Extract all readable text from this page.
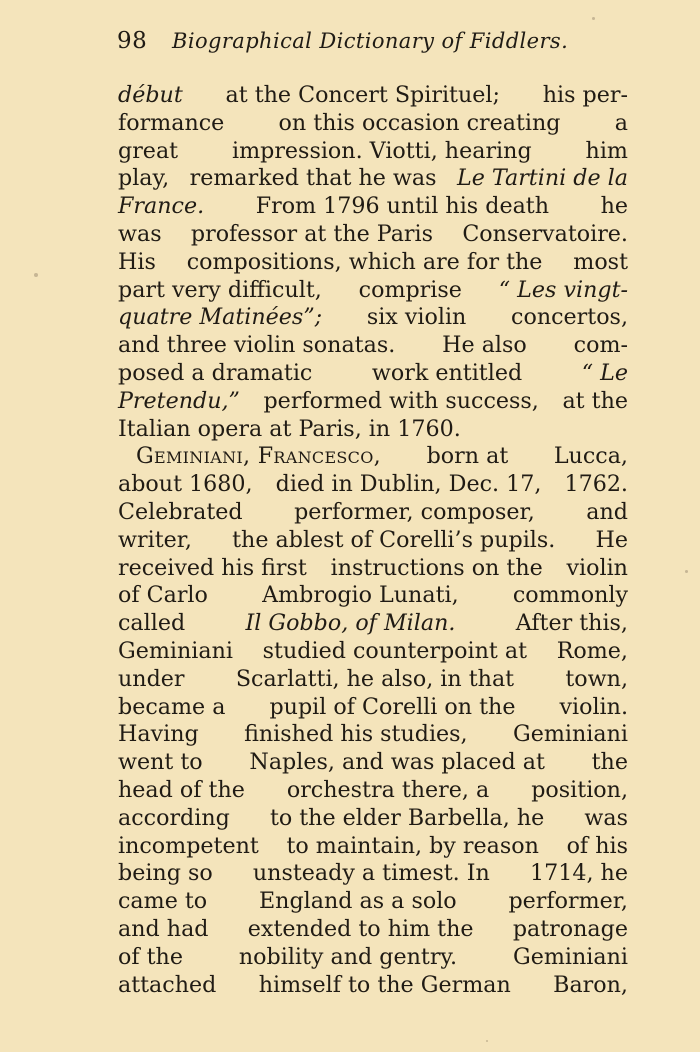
98 Biographical Dictionary of Fiddlers.
début at the Concert Spirituel; his per-
formance on this occasion creating a
great impression. Viotti, hearing him
play, remarked that he was Le Tartini de la
France. From 1796 until his death he
was professor at the Paris Conservatoire.
His compositions, which are for the most
part very difficult, comprise “ Les vingt-
quatre Matinées”; six violin concertos,
and three violin sonatas. He also com-
posed a dramatic	work entitled	“ Le
Pretendu,” performed with success, at the
Italian opera at Paris, in 1760.
Geminiani, Francesco, born at Lucca,
about 1680, died in Dublin, Dec. 17, 1762.
Celebrated performer, composer, and
writer, the ablest of Corelli’s pupils. He
received his first instructions on the violin
of Carlo Ambrogio Lunati, commonly
called	Il Gobbo, of Milan.	After this,
Geminiani studied counterpoint at Rome,
under Scarlatti, he also, in that town,
became a pupil of Corelli on the violin.
Having finished his studies, Geminiani
went to Naples, and was placed at the
head of the orchestra there, a position,
according to the elder Barbella, he was
incompetent to maintain, by reason of his
being so unsteady a timest. In 1714, he
came to England as a solo performer,
and had extended to him the patronage
of the	nobility and gentry.	Geminiani
attached himself to the German Baron,
